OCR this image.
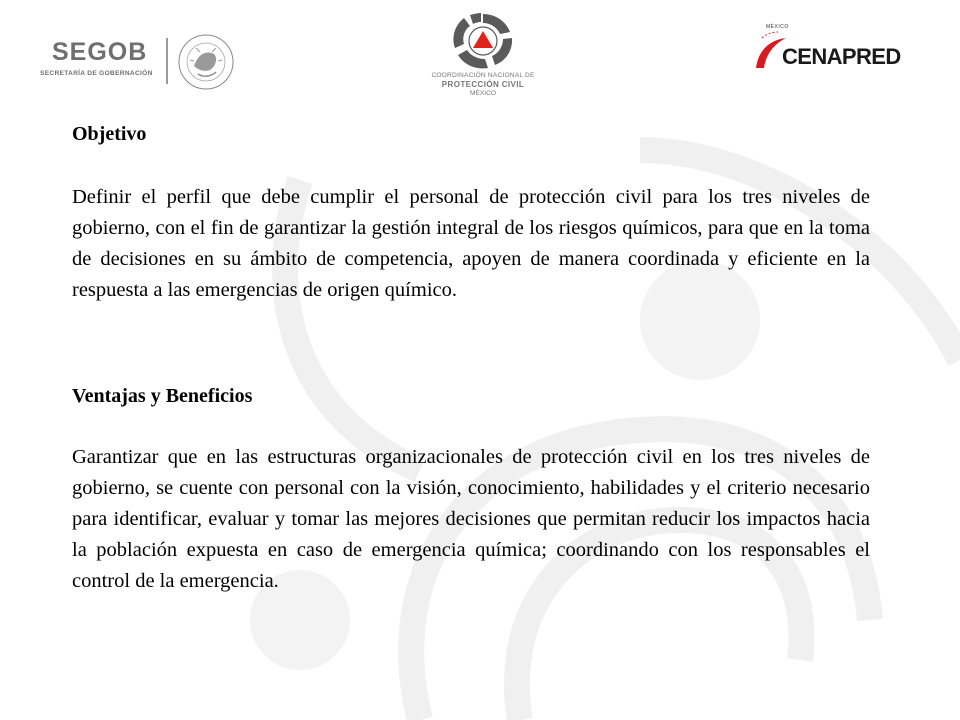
SEGOB
SECRETARÍA DE GOBERNACIÓN	COORDINACIÓN NACIONAL DE
PROTECCIÓN CIVIL
MÉXICO
MÉXICO
CENAPRED
Objetivo

Definir el perfil que debe cumplir el personal de protección civil para los tres niveles de gobierno, con el fin de garantizar la gestión integral de los riesgos químicos, para que en la toma de decisiones en su ámbito de competencia, apoyen de manera coordinada y eficiente en la respuesta a las emergencias de origen químico.

Ventajas y Beneficios

Garantizar que en las estructuras organizacionales de protección civil en los tres niveles de gobierno, se cuente con personal con la visión, conocimiento, habilidades y el criterio necesario para identificar, evaluar y tomar las mejores decisiones que permitan reducir los impactos hacia la población expuesta en caso de emergencia química; coordinando con los responsables el control de la emergencia.
